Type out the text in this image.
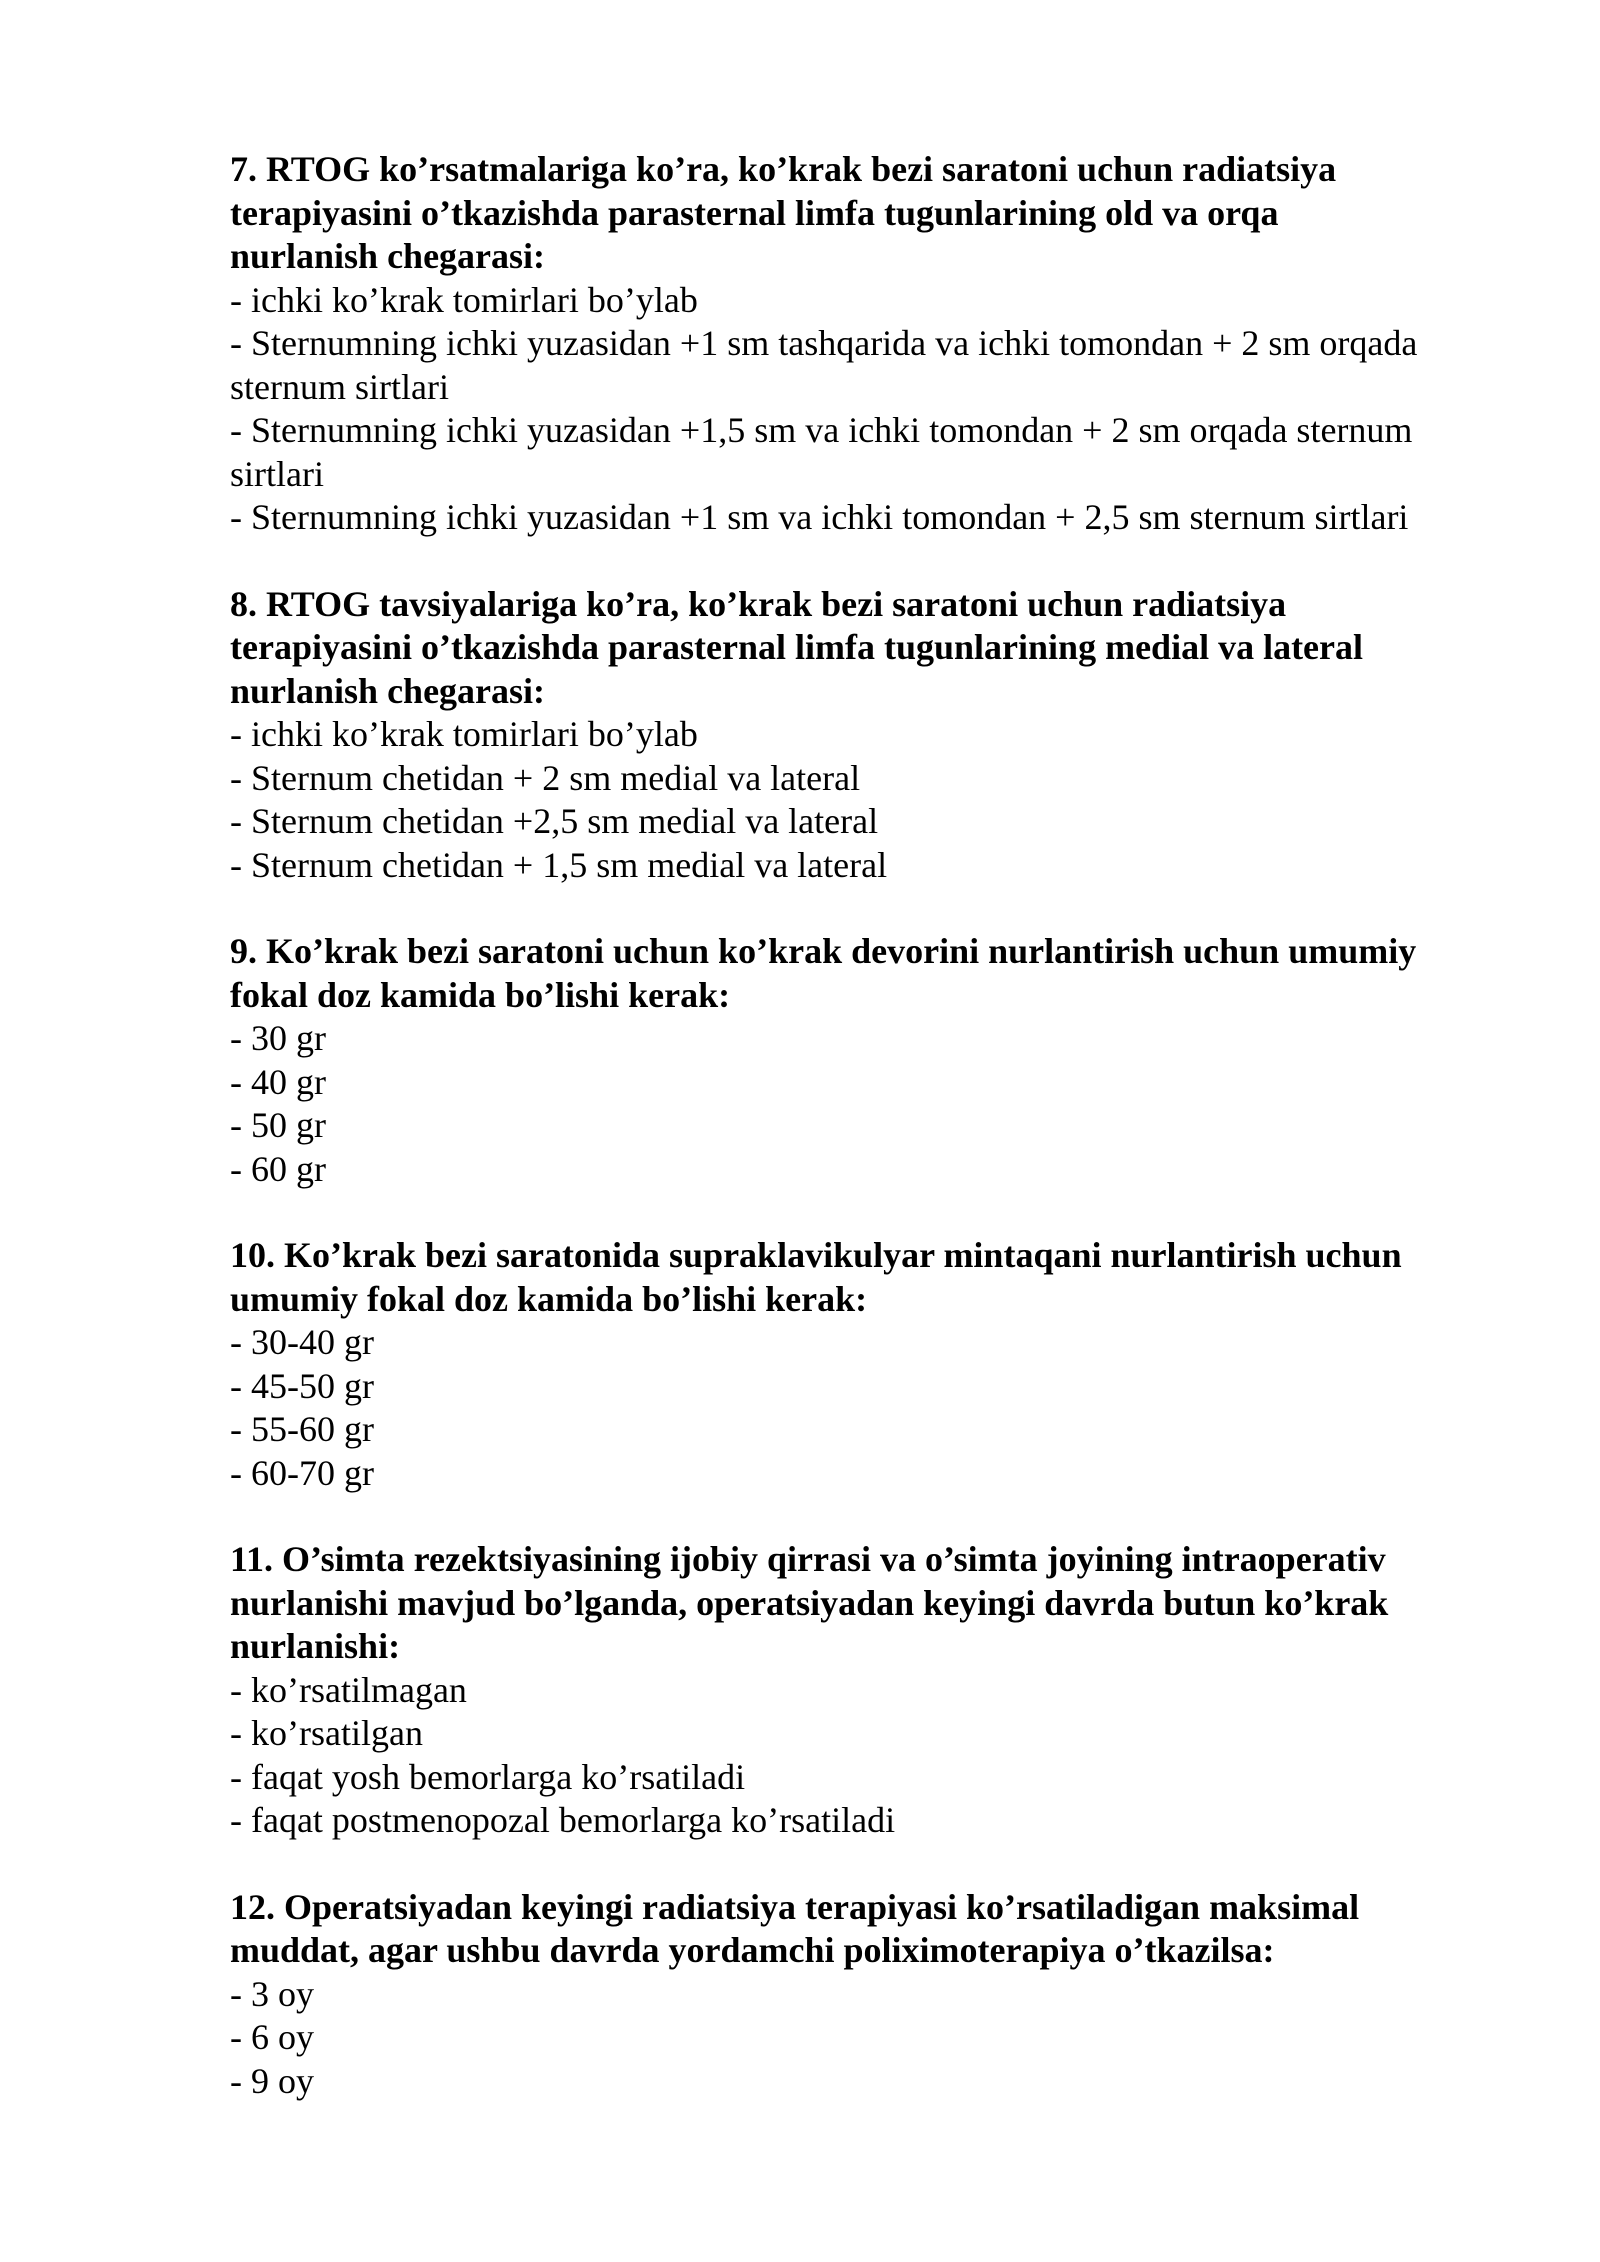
7. RTOG ko’rsatmalariga ko’ra, ko’krak bezi saratoni uchun radiatsiya
terapiyasini o’tkazishda parasternal limfa tugunlarining old va orqa
nurlanish chegarasi:

- ichki ko’krak tomirlari bo’ylab

- Sternumning ichki yuzasidan +1 sm tashqarida va ichki tomondan + 2 sm orqada
sternum sirtlari

- Sternumning ichki yuzasidan +1,5 sm va ichki tomondan + 2 sm orqada sternum
sirtlari

- Sternumning ichki yuzasidan +1 sm va ichki tomondan + 2,5 sm sternum sirtlari

8. RTOG tavsiyalariga ko’ra, ko’krak bezi saratoni uchun radiatsiya
terapiyasini o’tkazishda parasternal limfa tugunlarining medial va lateral
nurlanish chegarasi:

- ichki ko’krak tomirlari bo’ylab

- Sternum chetidan + 2 sm medial va lateral

- Sternum chetidan +2,5 sm medial va lateral

- Sternum chetidan + 1,5 sm medial va lateral

9. Ko’krak bezi saratoni uchun ko’krak devorini nurlantirish uchun umumiy
fokal doz kamida bo’lishi kerak:

- 30 gr

- 40 gr

- 50 gr

- 60 gr

10. Ko’krak bezi saratonida supraklavikulyar mintaqani nurlantirish uchun
umumiy fokal doz kamida bo’lishi kerak:

- 30-40 gr

- 45-50 gr

- 55-60 gr

- 60-70 gr

11. O’simta rezektsiyasining ijobiy qirrasi va o’simta joyining intraoperativ
nurlanishi mavjud bo’lganda, operatsiyadan keyingi davrda butun ko’krak
nurlanishi:

- ko’rsatilmagan

- ko’rsatilgan

- faqat yosh bemorlarga ko’rsatiladi

- faqat postmenopozal bemorlarga ko’rsatiladi

12. Operatsiyadan keyingi radiatsiya terapiyasi ko’rsatiladigan maksimal
muddat, agar ushbu davrda yordamchi poliximoterapiya o’tkazilsa:

- 3 oy

- 6 oy

- 9 oy
